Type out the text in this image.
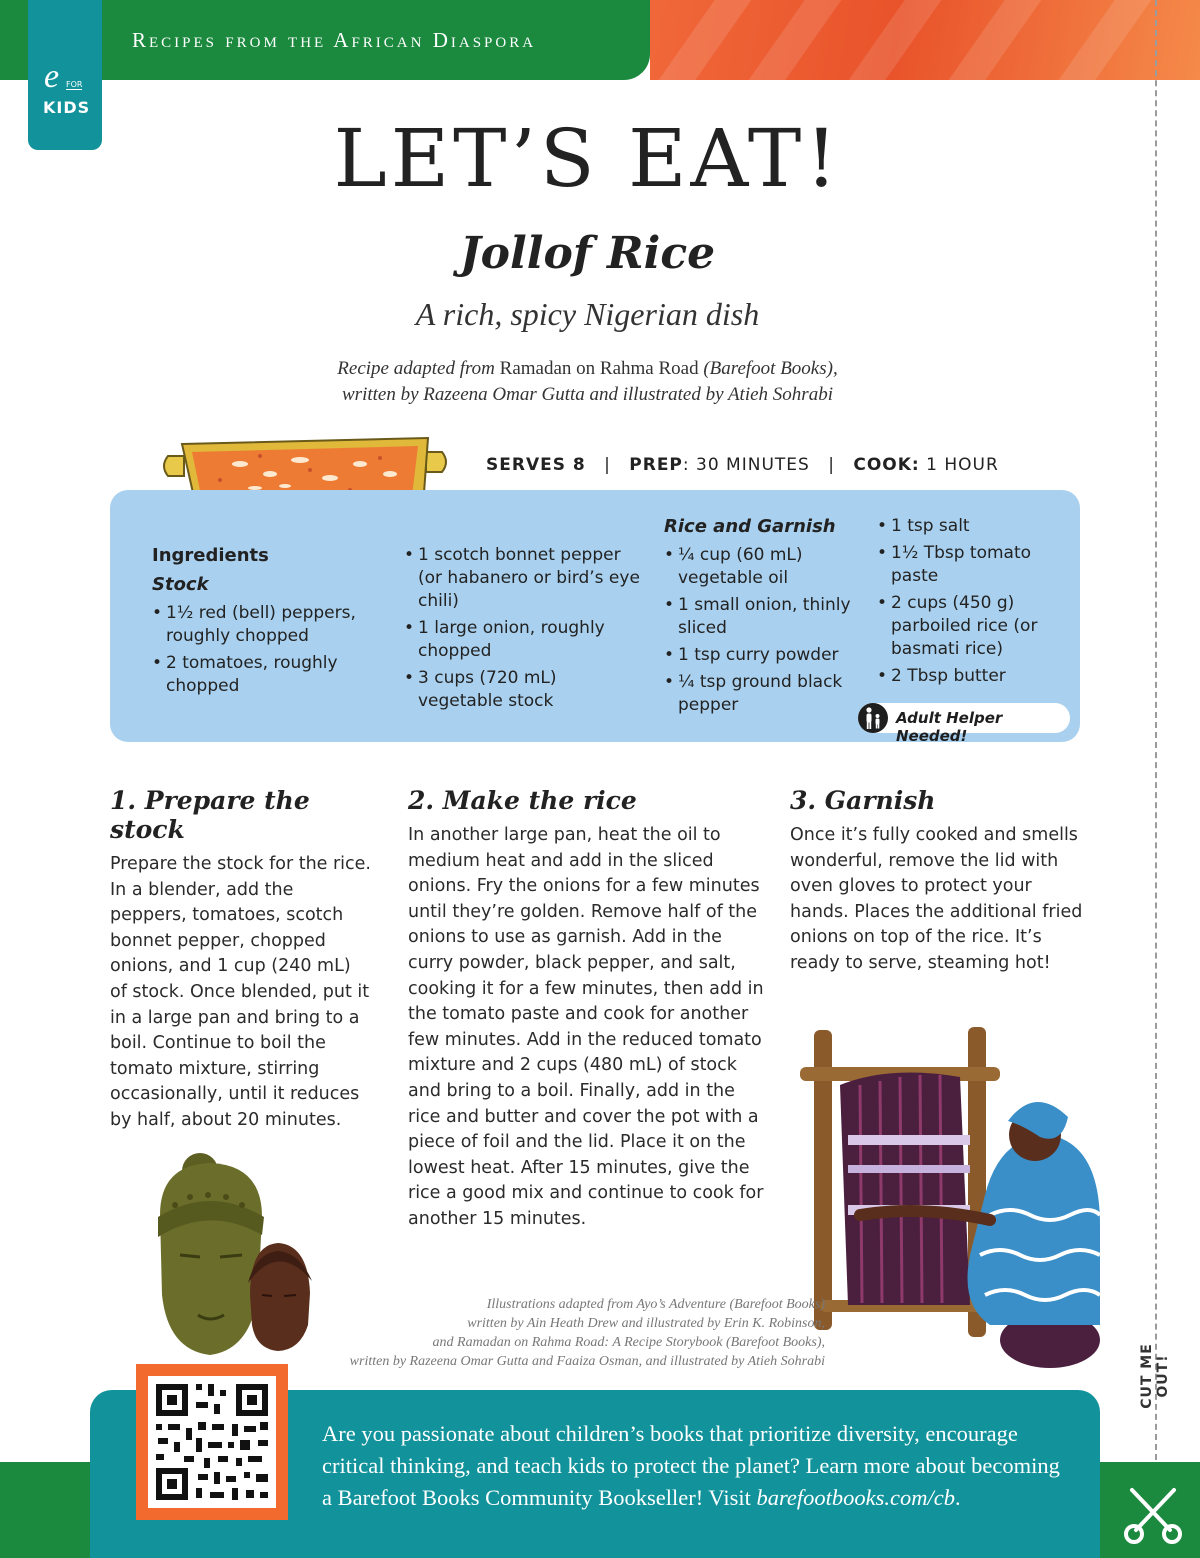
Recipes from the African Diaspora
e FOR
KIDS
CUT ME OUT!
LET’S EAT!
Jollof Rice
A rich, spicy Nigerian dish
Recipe adapted from Ramadan on Rahma Road (Barefoot Books),
written by Razeena Omar Gutta and illustrated by Atieh Sohrabi
SERVES 8 | PREP: 30 MINUTES | COOK: 1 HOUR
Ingredients
Stock
• 1½ red (bell) peppers, roughly chopped
• 2 tomatoes, roughly chopped
• 1 scotch bonnet pepper (or habanero or bird’s eye chili)
• 1 large onion, roughly chopped
• 3 cups (720 mL) vegetable stock
Rice and Garnish
• ¼ cup (60 mL) vegetable oil
• 1 small onion, thinly sliced
• 1 tsp curry powder
• ¼ tsp ground black pepper
• 1 tsp salt
• 1½ Tbsp tomato paste
• 2 cups (450 g) parboiled rice (or basmati rice)
• 2 Tbsp butter
Adult Helper Needed!
1. Prepare the stock

Prepare the stock for the rice. In a blender, add the peppers, tomatoes, scotch bonnet pepper, chopped onions, and 1 cup (240 mL) of stock. Once blended, put it in a large pan and bring to a boil. Continue to boil the tomato mixture, stirring occasionally, until it reduces by half, about 20 minutes.

2. Make the rice

In another large pan, heat the oil to medium heat and add in the sliced onions. Fry the onions for a few minutes until they’re golden. Remove half of the onions to use as garnish. Add in the curry powder, black pepper, and salt, cooking it for a few minutes, then add in the tomato paste and cook for another few minutes. Add in the reduced tomato mixture and 2 cups (480 mL) of stock and bring to a boil. Finally, add in the rice and butter and cover the pot with a piece of foil and the lid. Place it on the lowest heat. After 15 minutes, give the rice a good mix and continue to cook for another 15 minutes.

3. Garnish

Once it’s fully cooked and smells wonderful, remove the lid with oven gloves to protect your hands. Places the additional fried onions on top of the rice. It’s ready to serve, steaming hot!

Illustrations adapted from Ayo’s Adventure (Barefoot Books)
written by Ain Heath Drew and illustrated by Erin K. Robinson,
and Ramadan on Rahma Road: A Recipe Storybook (Barefoot Books),
written by Razeena Omar Gutta and Faaiza Osman, and illustrated by Atieh Sohrabi
Are you passionate about children’s books that prioritize diversity, encourage critical thinking, and teach kids to protect the planet? Learn more about becoming a Barefoot Books Community Bookseller! Visit barefootbooks.com/cb.
